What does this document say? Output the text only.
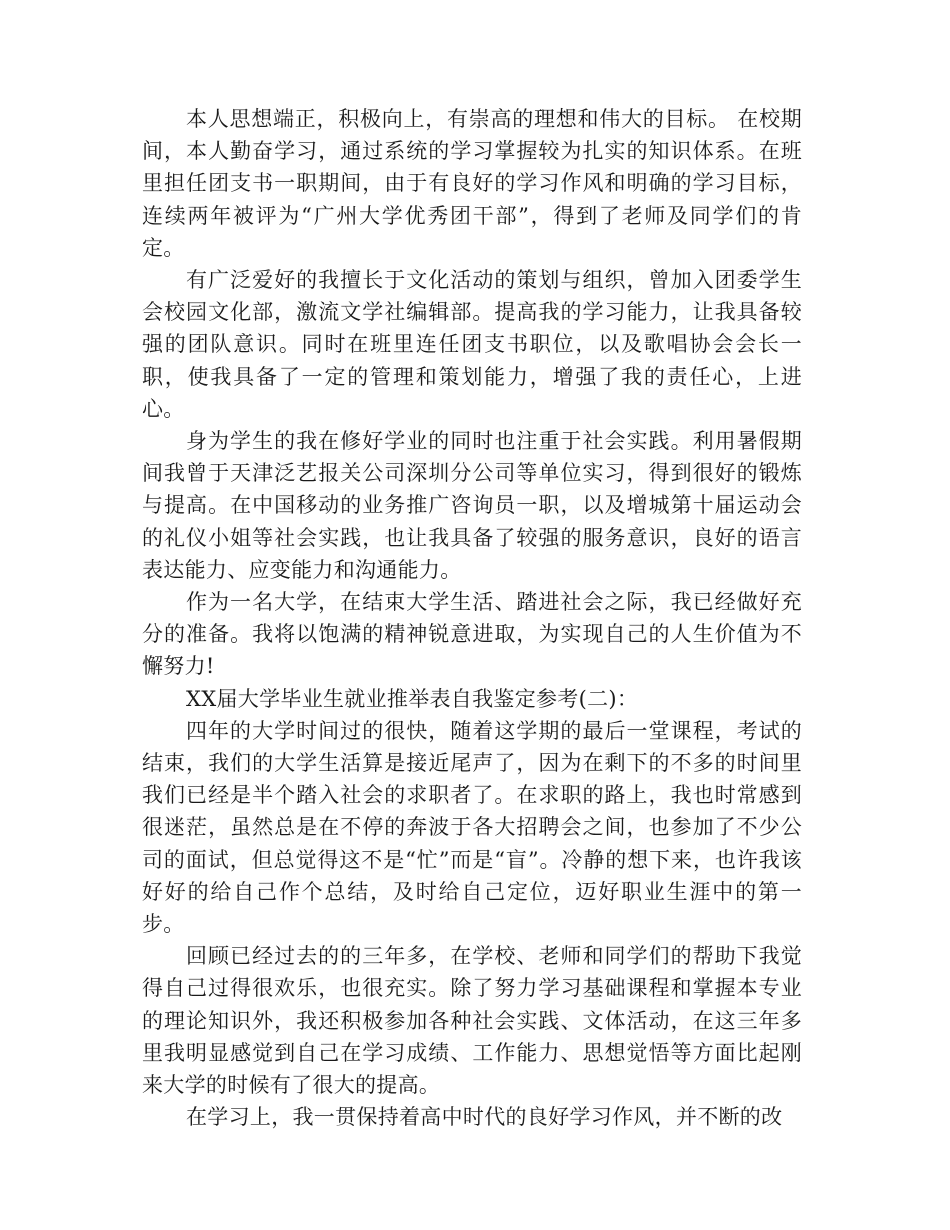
本人思想端正，积极向上，有崇高的理想和伟大的目标。 在校期间，本人勤奋学习，通过系统的学习掌握较为扎实的知识体系。在班里担任团支书一职期间，由于有良好的学习作风和明确的学习目标，连续两年被评为“广州大学优秀团干部”，得到了老师及同学们的肯定。

有广泛爱好的我擅长于文化活动的策划与组织，曾加入团委学生会校园文化部，激流文学社编辑部。提高我的学习能力，让我具备较强的团队意识。同时在班里连任团支书职位，以及歌唱协会会长一职，使我具备了一定的管理和策划能力，增强了我的责任心，上进心。

身为学生的我在修好学业的同时也注重于社会实践。利用暑假期间我曾于天津泛艺报关公司深圳分公司等单位实习，得到很好的锻炼与提高。在中国移动的业务推广咨询员一职，以及增城第十届运动会的礼仪小姐等社会实践，也让我具备了较强的服务意识，良好的语言表达能力、应变能力和沟通能力。

作为一名大学，在结束大学生活、踏进社会之际，我已经做好充分的准备。我将以饱满的精神锐意进取，为实现自己的人生价值为不懈努力!

XX届大学毕业生就业推举表自我鉴定参考(二)：

四年的大学时间过的很快，随着这学期的最后一堂课程，考试的结束，我们的大学生活算是接近尾声了，因为在剩下的不多的时间里我们已经是半个踏入社会的求职者了。在求职的路上，我也时常感到很迷茫，虽然总是在不停的奔波于各大招聘会之间，也参加了不少公司的面试，但总觉得这不是“忙”而是“盲”。冷静的想下来，也许我该好好的给自己作个总结，及时给自己定位，迈好职业生涯中的第一步。

回顾已经过去的的三年多，在学校、老师和同学们的帮助下我觉得自己过得很欢乐，也很充实。除了努力学习基础课程和掌握本专业的理论知识外，我还积极参加各种社会实践、文体活动，在这三年多里我明显感觉到自己在学习成绩、工作能力、思想觉悟等方面比起刚来大学的时候有了很大的提高。

在学习上，我一贯保持着高中时代的良好学习作风，并不断的改
